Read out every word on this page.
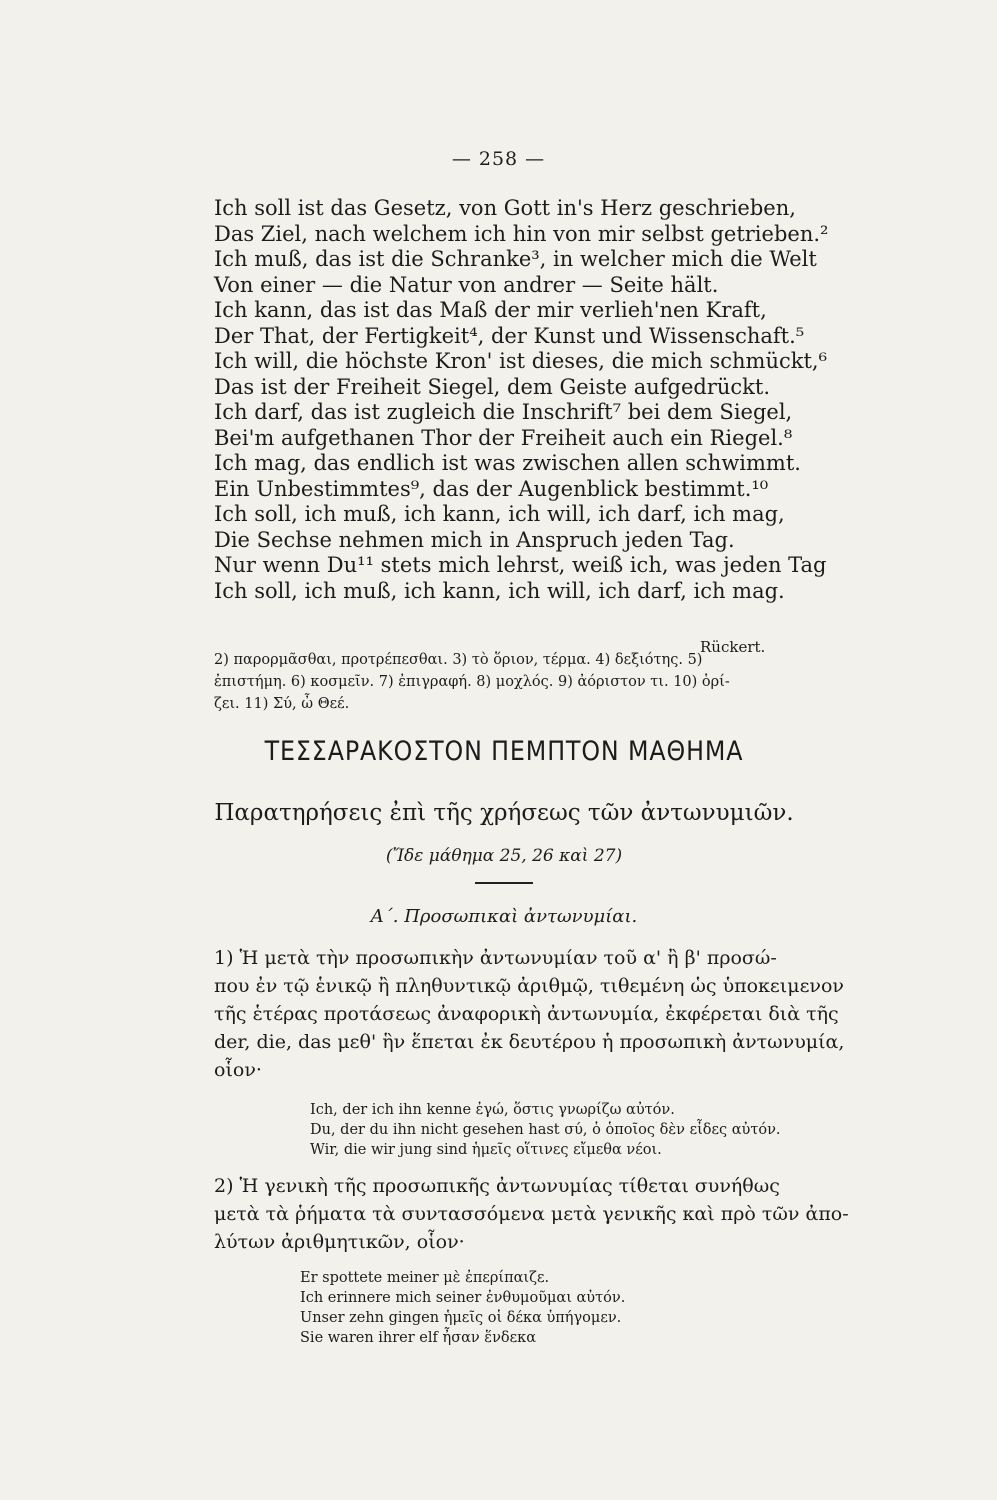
— 258 —
Ich soll ist das Gesetz, von Gott in's Herz geschrieben,
Das Ziel, nach welchem ich hin von mir selbst getrieben.²
Ich muß, das ist die Schranke³, in welcher mich die Welt
Von einer — die Natur von andrer — Seite hält.
Ich kann, das ist das Maß der mir verlieh'nen Kraft,
Der That, der Fertigkeit⁴, der Kunst und Wissenschaft.⁵
Ich will, die höchste Kron' ist dieses, die mich schmückt,⁶
Das ist der Freiheit Siegel, dem Geiste aufgedrückt.
Ich darf, das ist zugleich die Inschrift⁷ bei dem Siegel,
Bei'm aufgethanen Thor der Freiheit auch ein Riegel.⁸
Ich mag, das endlich ist was zwischen allen schwimmt.
Ein Unbestimmtes⁹, das der Augenblick bestimmt.¹⁰
Ich soll, ich muß, ich kann, ich will, ich darf, ich mag,
Die Sechse nehmen mich in Anspruch jeden Tag.
Nur wenn Du¹¹ stets mich lehrst, weiß ich, was jeden Tag
Ich soll, ich muß, ich kann, ich will, ich darf, ich mag.
Rückert.
2) παρορμᾶσθαι, προτρέπεσθαι. 3) τὸ ὅριον, τέρμα. 4) δεξιότης. 5)
ἐπιστήμη. 6) κοσμεῖν. 7) ἐπιγραφή. 8) μοχλός. 9) ἀόριστον τι. 10) ὁρί-
ζει. 11) Σύ, ὦ Θεέ.
ΤΕΣΣΑΡΑΚΟΣΤΟΝ ΠΕΜΠΤΟΝ ΜΑΘΗΜΑ
Παρατηρήσεις ἐπὶ τῆς χρήσεως τῶν ἀντωνυμιῶν.
(Ἴδε μάθημα 25, 26 καὶ 27)
Α΄. Προσωπικαὶ ἀντωνυμίαι.
1) Ἡ μετὰ τὴν προσωπικὴν ἀντωνυμίαν τοῦ α' ἢ β' προσώ-
που ἐν τῷ ἑνικῷ ἢ πληθυντικῷ ἀριθμῷ, τιθεμένη ὡς ὑποκειμενον
τῆς ἑτέρας προτάσεως ἀναφορικὴ ἀντωνυμία, ἐκφέρεται διὰ τῆς
der, die, das μεθ' ἣν ἕπεται ἐκ δευτέρου ἡ προσωπικὴ ἀντωνυμία,
οἷον·
Ich, der ich ihn kenne ἐγώ, ὅστις γνωρίζω αὐτόν.
Du, der du ihn nicht gesehen hast σύ, ὁ ὁποῖος δὲν εἶδες αὐτόν.
Wir, die wir jung sind ἡμεῖς οἵτινες εἴμεθα νέοι.
2) Ἡ γενικὴ τῆς προσωπικῆς ἀντωνυμίας τίθεται συνήθως
μετὰ τὰ ῥήματα τὰ συντασσόμενα μετὰ γενικῆς καὶ πρὸ τῶν ἀπο-
λύτων ἀριθμητικῶν, οἷον·
Er spottete meiner μὲ ἐπερίπαιζε.
Ich erinnere mich seiner ἐνθυμοῦμαι αὐτόν.
Unser zehn gingen ἡμεῖς οἱ δέκα ὑπήγομεν.
Sie waren ihrer elf ἦσαν ἕνδεκα
